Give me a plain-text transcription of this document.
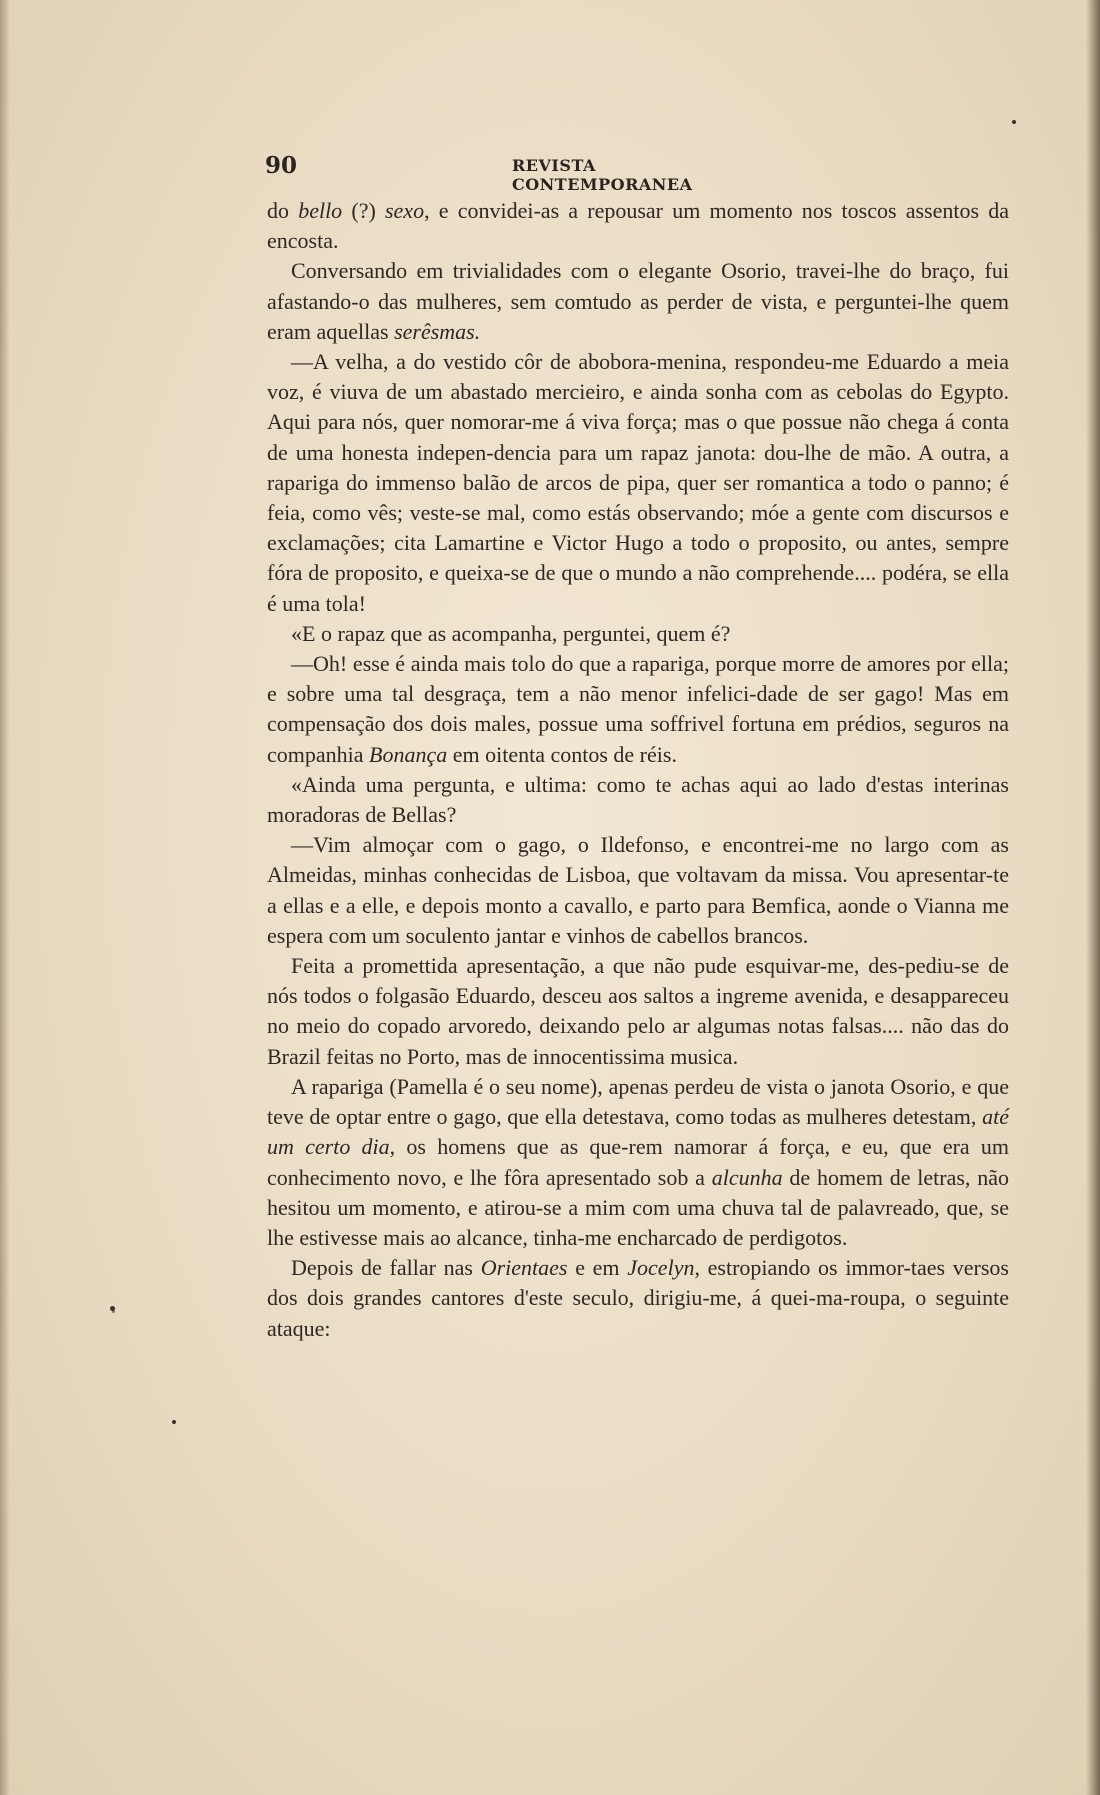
90	REVISTA CONTEMPORANEA

do bello (?) sexo, e convidei-as a repousar um momento nos toscos assentos da encosta.

Conversando em trivialidades com o elegante Osorio, travei-lhe do braço, fui afastando-o das mulheres, sem comtudo as perder de vista, e perguntei-lhe quem eram aquellas serêsmas.

—A velha, a do vestido côr de abobora-menina, respondeu-me Eduardo a meia voz, é viuva de um abastado mercieiro, e ainda sonha com as cebolas do Egypto. Aqui para nós, quer nomorar-me á viva força; mas o que possue não chega á conta de uma honesta indepen-dencia para um rapaz janota: dou-lhe de mão. A outra, a rapariga do immenso balão de arcos de pipa, quer ser romantica a todo o panno; é feia, como vês; veste-se mal, como estás observando; móe a gente com discursos e exclamações; cita Lamartine e Victor Hugo a todo o proposito, ou antes, sempre fóra de proposito, e queixa-se de que o mundo a não comprehende.... podéra, se ella é uma tola!

«E o rapaz que as acompanha, perguntei, quem é?

—Oh! esse é ainda mais tolo do que a rapariga, porque morre de amores por ella; e sobre uma tal desgraça, tem a não menor infelici-dade de ser gago! Mas em compensação dos dois males, possue uma soffrivel fortuna em prédios, seguros na companhia Bonança em oitenta contos de réis.

«Ainda uma pergunta, e ultima: como te achas aqui ao lado d'estas interinas moradoras de Bellas?

—Vim almoçar com o gago, o Ildefonso, e encontrei-me no largo com as Almeidas, minhas conhecidas de Lisboa, que voltavam da missa. Vou apresentar-te a ellas e a elle, e depois monto a cavallo, e parto para Bemfica, aonde o Vianna me espera com um soculento jantar e vinhos de cabellos brancos.

Feita a promettida apresentação, a que não pude esquivar-me, des-pediu-se de nós todos o folgasão Eduardo, desceu aos saltos a ingreme avenida, e desappareceu no meio do copado arvoredo, deixando pelo ar algumas notas falsas.... não das do Brazil feitas no Porto, mas de innocentissima musica.

A rapariga (Pamella é o seu nome), apenas perdeu de vista o janota Osorio, e que teve de optar entre o gago, que ella detestava, como todas as mulheres detestam, até um certo dia, os homens que as que-rem namorar á força, e eu, que era um conhecimento novo, e lhe fôra apresentado sob a alcunha de homem de letras, não hesitou um momento, e atirou-se a mim com uma chuva tal de palavreado, que, se lhe estivesse mais ao alcance, tinha-me encharcado de perdigotos.

Depois de fallar nas Orientaes e em Jocelyn, estropiando os immor-taes versos dos dois grandes cantores d'este seculo, dirigiu-me, á quei-ma-roupa, o seguinte ataque:
